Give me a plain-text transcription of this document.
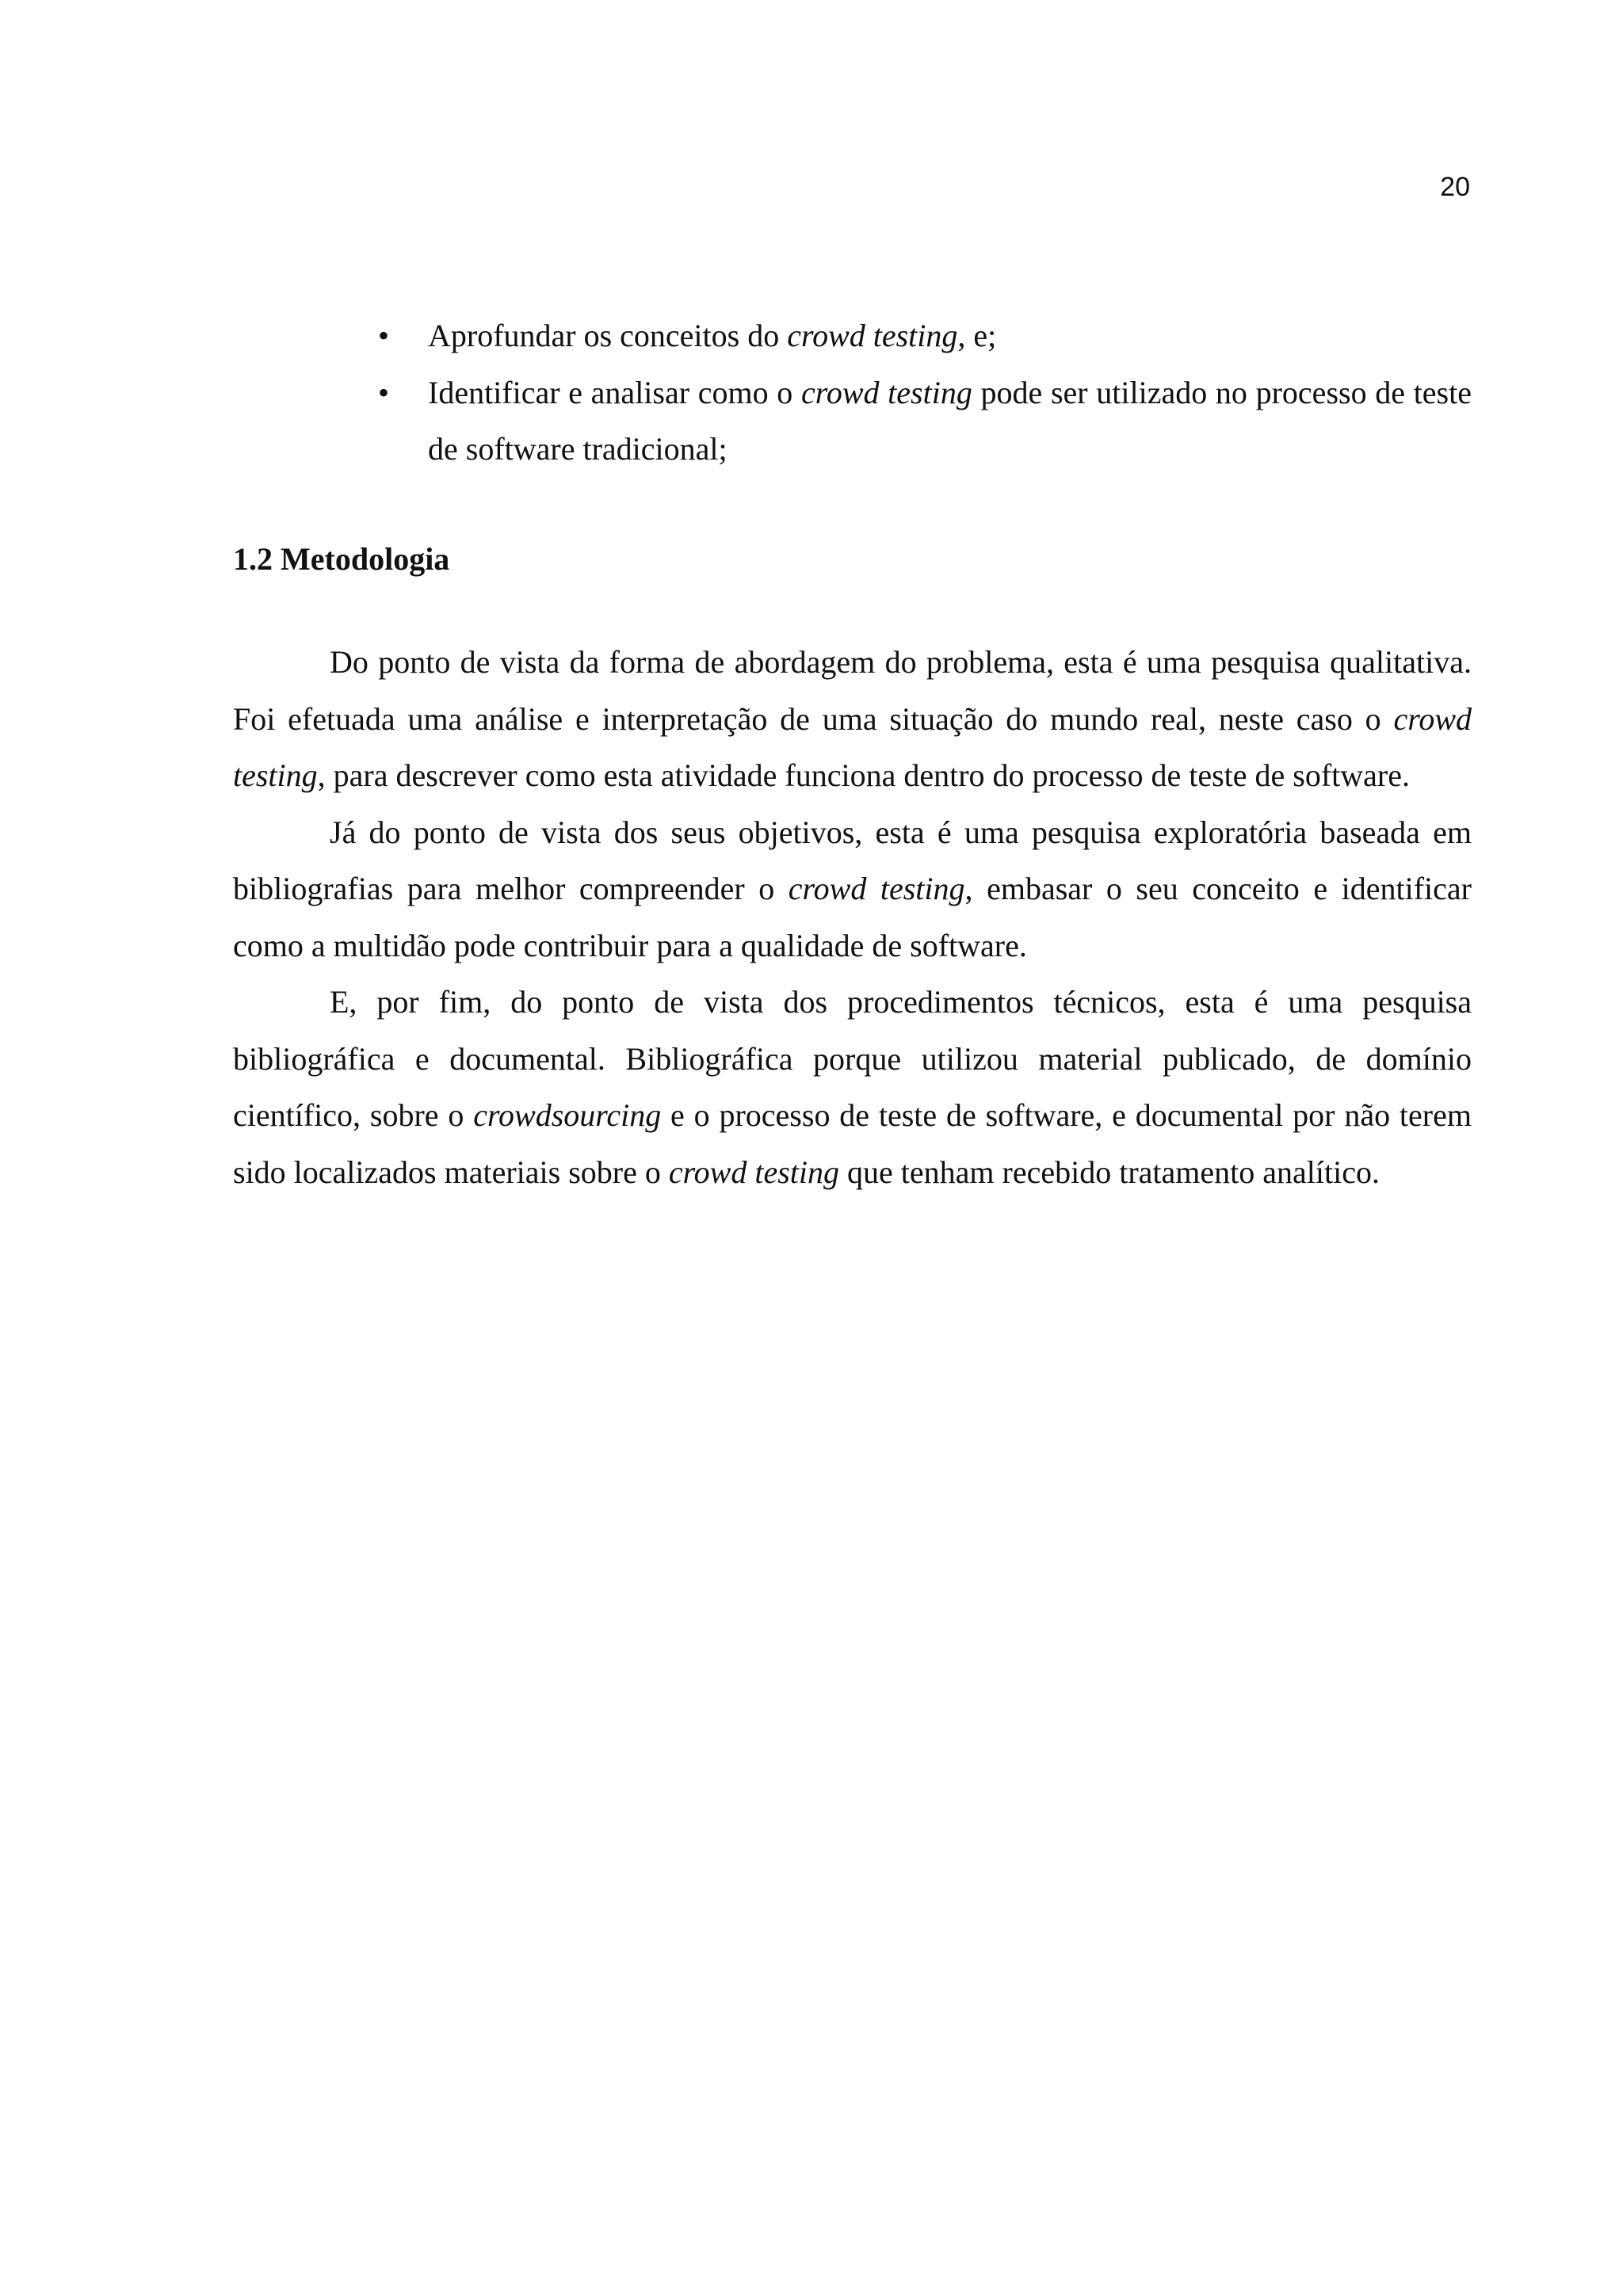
20
• Aprofundar os conceitos do crowd testing, e;
• Identificar e analisar como o crowd testing pode ser utilizado no processo de teste de software tradicional;
1.2 Metodologia

Do ponto de vista da forma de abordagem do problema, esta é uma pesquisa qualitativa. Foi efetuada uma análise e interpretação de uma situação do mundo real, neste caso o crowd testing, para descrever como esta atividade funciona dentro do processo de teste de software.

Já do ponto de vista dos seus objetivos, esta é uma pesquisa exploratória baseada em bibliografias para melhor compreender o crowd testing, embasar o seu conceito e identificar como a multidão pode contribuir para a qualidade de software.

E, por fim, do ponto de vista dos procedimentos técnicos, esta é uma pesquisa bibliográfica e documental. Bibliográfica porque utilizou material publicado, de domínio científico, sobre o crowdsourcing e o processo de teste de software, e documental por não terem sido localizados materiais sobre o crowd testing que tenham recebido tratamento analítico.
